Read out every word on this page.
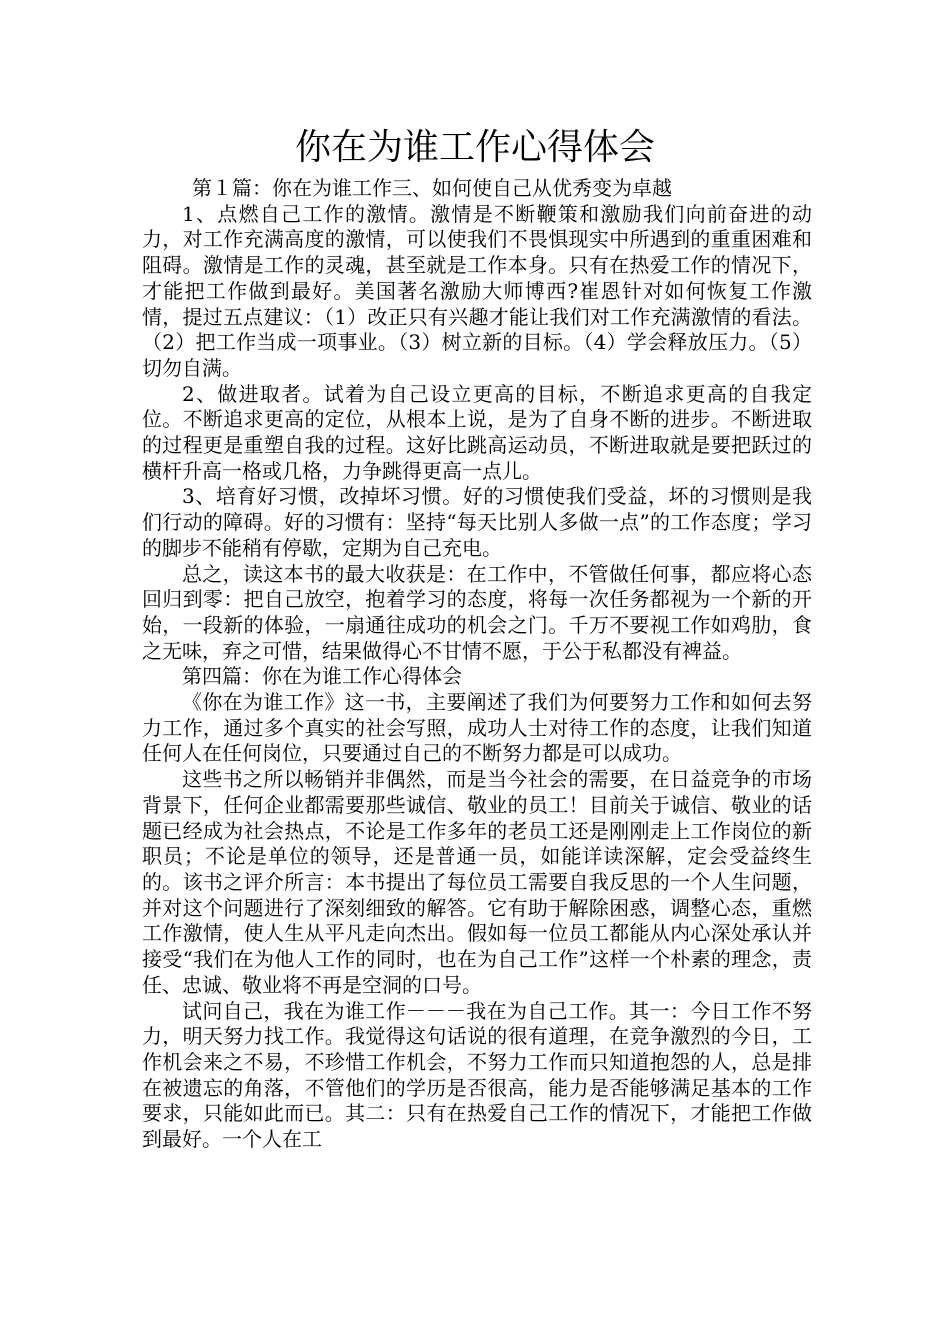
你在为谁工作心得体会

第１篇：你在为谁工作三、如何使自己从优秀变为卓越

1、点燃自己工作的激情。激情是不断鞭策和激励我们向前奋进的动力，对工作充满高度的激情，可以使我们不畏惧现实中所遇到的重重困难和阻碍。激情是工作的灵魂，甚至就是工作本身。只有在热爱工作的情况下，才能把工作做到最好。美国著名激励大师博西?崔恩针对如何恢复工作激情，提过五点建议：（1）改正只有兴趣才能让我们对工作充满激情的看法。（2）把工作当成一项事业。（3）树立新的目标。（4）学会释放压力。（5）切勿自满。

2、做进取者。试着为自己设立更高的目标，不断追求更高的自我定位。不断追求更高的定位，从根本上说，是为了自身不断的进步。不断进取的过程更是重塑自我的过程。这好比跳高运动员，不断进取就是要把跃过的横杆升高一格或几格，力争跳得更高一点儿。

3、培育好习惯，改掉坏习惯。好的习惯使我们受益，坏的习惯则是我们行动的障碍。好的习惯有：坚持“每天比别人多做一点”的工作态度；学习的脚步不能稍有停歇，定期为自己充电。

总之，读这本书的最大收获是：在工作中，不管做任何事，都应将心态回归到零：把自己放空，抱着学习的态度，将每一次任务都视为一个新的开始，一段新的体验，一扇通往成功的机会之门。千万不要视工作如鸡肋，食之无味，弃之可惜，结果做得心不甘情不愿，于公于私都没有裨益。

第四篇：你在为谁工作心得体会

《你在为谁工作》这一书，主要阐述了我们为何要努力工作和如何去努力工作，通过多个真实的社会写照，成功人士对待工作的态度，让我们知道任何人在任何岗位，只要通过自己的不断努力都是可以成功。

这些书之所以畅销并非偶然，而是当今社会的需要，在日益竞争的市场背景下，任何企业都需要那些诚信、敬业的员工！目前关于诚信、敬业的话题已经成为社会热点，不论是工作多年的老员工还是刚刚走上工作岗位的新职员；不论是单位的领导，还是普通一员，如能详读深解，定会受益终生的。该书之评介所言：本书提出了每位员工需要自我反思的一个人生问题，并对这个问题进行了深刻细致的解答。它有助于解除困惑，调整心态，重燃工作激情，使人生从平凡走向杰出。假如每一位员工都能从内心深处承认并接受“我们在为他人工作的同时，也在为自己工作”这样一个朴素的理念，责任、忠诚、敬业将不再是空洞的口号。

试问自己，我在为谁工作－－－我在为自己工作。其一：今日工作不努力，明天努力找工作。我觉得这句话说的很有道理，在竞争激烈的今日，工作机会来之不易，不珍惜工作机会，不努力工作而只知道抱怨的人，总是排在被遗忘的角落，不管他们的学历是否很高，能力是否能够满足基本的工作要求，只能如此而已。其二：只有在热爱自己工作的情况下，才能把工作做到最好。一个人在工
